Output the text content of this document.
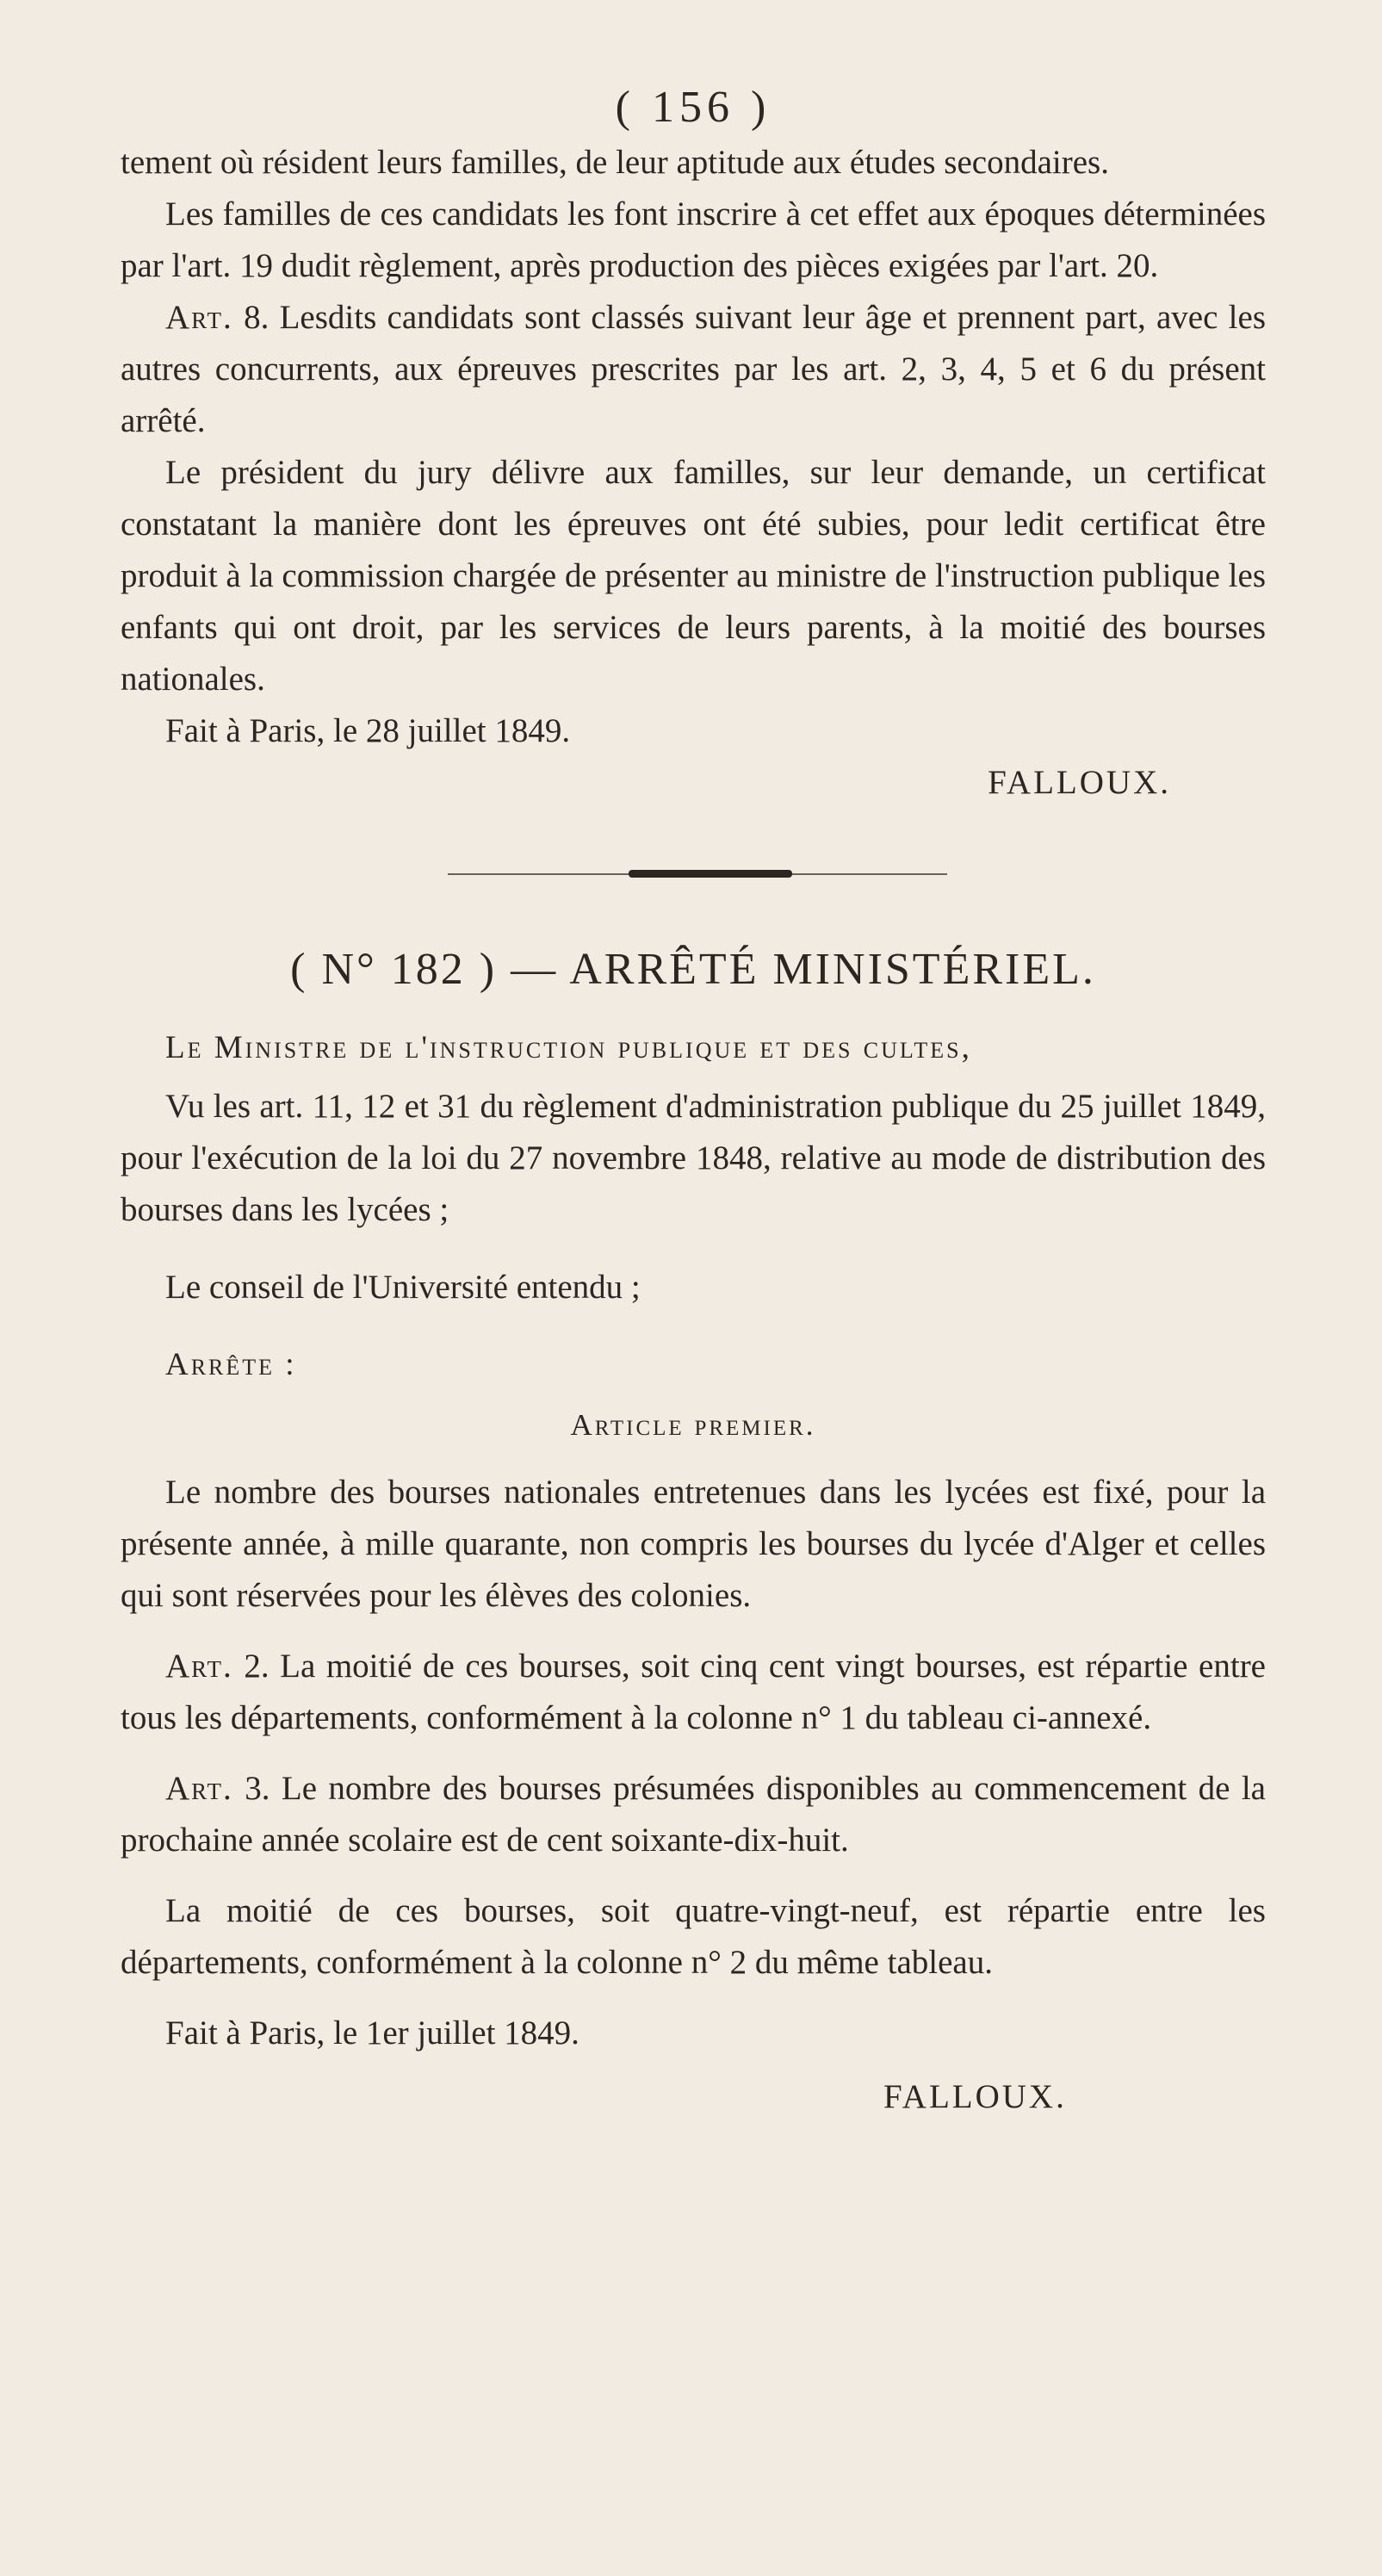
( 156 )

tement où résident leurs familles, de leur aptitude aux études secondaires.

Les familles de ces candidats les font inscrire à cet effet aux époques déterminées par l'art. 19 dudit règlement, après production des pièces exigées par l'art. 20.

Art. 8. Lesdits candidats sont classés suivant leur âge et prennent part, avec les autres concurrents, aux épreuves prescrites par les art. 2, 3, 4, 5 et 6 du présent arrêté.

Le président du jury délivre aux familles, sur leur demande, un certificat constatant la manière dont les épreuves ont été subies, pour ledit certificat être produit à la commission chargée de présenter au ministre de l'instruction publique les enfants qui ont droit, par les services de leurs parents, à la moitié des bourses nationales.

Fait à Paris, le 28 juillet 1849.

FALLOUX.

( N° 182 ) — ARRÊTÉ MINISTÉRIEL.

Le Ministre de l'instruction publique et des cultes,

Vu les art. 11, 12 et 31 du règlement d'administration publique du 25 juillet 1849, pour l'exécution de la loi du 27 novembre 1848, relative au mode de distribution des bourses dans les lycées ;

Le conseil de l'Université entendu ;

Arrête :

Article premier.

Le nombre des bourses nationales entretenues dans les lycées est fixé, pour la présente année, à mille quarante, non compris les bourses du lycée d'Alger et celles qui sont réservées pour les élèves des colonies.

Art. 2. La moitié de ces bourses, soit cinq cent vingt bourses, est répartie entre tous les départements, conformément à la colonne n° 1 du tableau ci-annexé.

Art. 3. Le nombre des bourses présumées disponibles au commencement de la prochaine année scolaire est de cent soixante-dix-huit.

La moitié de ces bourses, soit quatre-vingt-neuf, est répartie entre les départements, conformément à la colonne n° 2 du même tableau.

Fait à Paris, le 1er juillet 1849.

FALLOUX.
